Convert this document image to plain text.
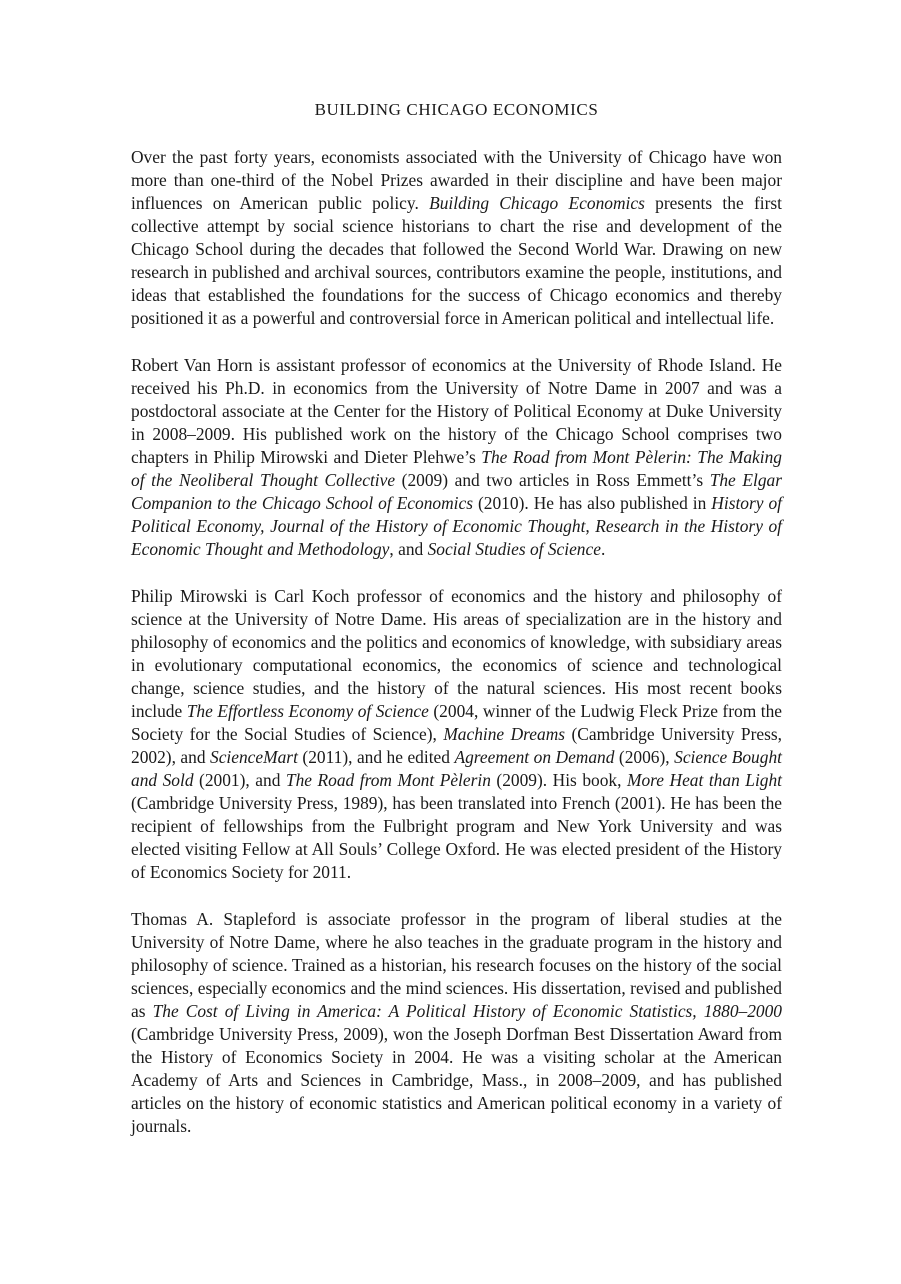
BUILDING CHICAGO ECONOMICS

Over the past forty years, economists associated with the University of Chicago have won more than one-third of the Nobel Prizes awarded in their discipline and have been major influences on American public policy. Building Chicago Economics presents the first collective attempt by social science historians to chart the rise and development of the Chicago School during the decades that followed the Second World War. Drawing on new research in published and archival sources, contributors examine the people, institutions, and ideas that established the foundations for the success of Chicago economics and thereby positioned it as a powerful and controversial force in American political and intellectual life.

Robert Van Horn is assistant professor of economics at the University of Rhode Island. He received his Ph.D. in economics from the University of Notre Dame in 2007 and was a postdoctoral associate at the Center for the History of Political Economy at Duke University in 2008–2009. His published work on the history of the Chicago School comprises two chapters in Philip Mirowski and Dieter Plehwe’s The Road from Mont Pèlerin: The Making of the Neoliberal Thought Collective (2009) and two articles in Ross Emmett’s The Elgar Companion to the Chicago School of Economics (2010). He has also published in History of Political Economy, Journal of the History of Economic Thought, Research in the History of Economic Thought and Methodology, and Social Studies of Science.

Philip Mirowski is Carl Koch professor of economics and the history and philosophy of science at the University of Notre Dame. His areas of specialization are in the history and philosophy of economics and the politics and economics of knowledge, with subsidiary areas in evolutionary computational economics, the economics of science and technological change, science studies, and the history of the natural sciences. His most recent books include The Effortless Economy of Science (2004, winner of the Ludwig Fleck Prize from the Society for the Social Studies of Science), Machine Dreams (Cambridge University Press, 2002), and ScienceMart (2011), and he edited Agreement on Demand (2006), Science Bought and Sold (2001), and The Road from Mont Pèlerin (2009). His book, More Heat than Light (Cambridge University Press, 1989), has been translated into French (2001). He has been the recipient of fellowships from the Fulbright program and New York University and was elected visiting Fellow at All Souls’ College Oxford. He was elected president of the History of Economics Society for 2011.

Thomas A. Stapleford is associate professor in the program of liberal studies at the University of Notre Dame, where he also teaches in the graduate program in the history and philosophy of science. Trained as a historian, his research focuses on the history of the social sciences, especially economics and the mind sciences. His dissertation, revised and published as The Cost of Living in America: A Political History of Economic Statistics, 1880–2000 (Cambridge University Press, 2009), won the Joseph Dorfman Best Dissertation Award from the History of Economics Society in 2004. He was a visiting scholar at the American Academy of Arts and Sciences in Cambridge, Mass., in 2008–2009, and has published articles on the history of economic statistics and American political economy in a variety of journals.
